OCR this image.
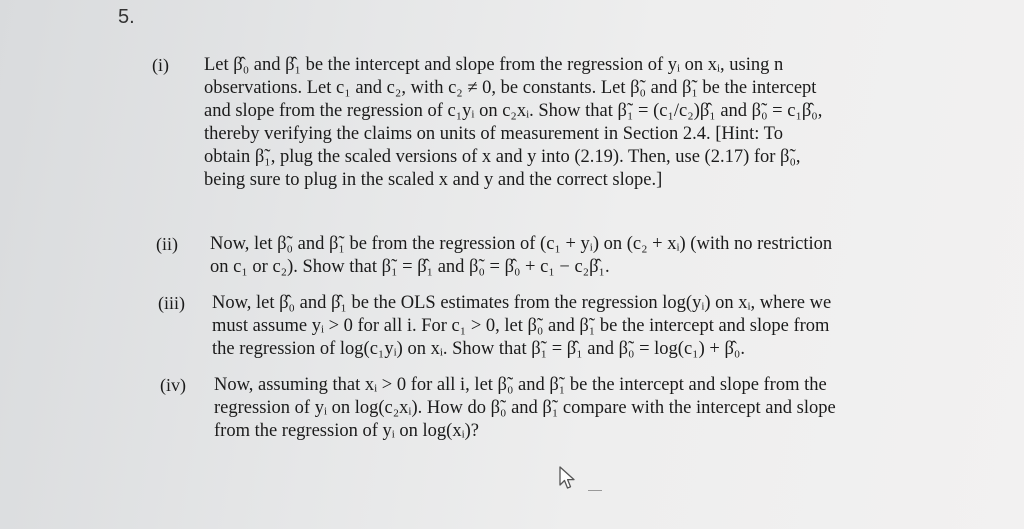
5.
(i) Let β̂₀ and β̂₁ be the intercept and slope from the regression of yᵢ on xᵢ, using n
observations. Let c₁ and c₂, with c₂ ≠ 0, be constants. Let β̃₀ and β̃₁ be the intercept
and slope from the regression of c₁yᵢ on c₂xᵢ. Show that β̃₁ = (c₁/c₂)β̂₁ and β̃₀ = c₁β̂₀,
thereby verifying the claims on units of measurement in Section 2.4. [Hint: To
obtain β̃₁, plug the scaled versions of x and y into (2.19). Then, use (2.17) for β̃₀,
being sure to plug in the scaled x and y and the correct slope.]
(ii) Now, let β̃₀ and β̃₁ be from the regression of (c₁ + yᵢ) on (c₂ + xᵢ) (with no restriction
on c₁ or c₂). Show that β̃₁ = β̂₁ and β̃₀ = β̂₀ + c₁ − c₂β̂₁.
(iii) Now, let β̂₀ and β̂₁ be the OLS estimates from the regression log(yᵢ) on xᵢ, where we
must assume yᵢ > 0 for all i. For c₁ > 0, let β̃₀ and β̃₁ be the intercept and slope from
the regression of log(c₁yᵢ) on xᵢ. Show that β̃₁ = β̂₁ and β̃₀ = log(c₁) + β̂₀.
(iv) Now, assuming that xᵢ > 0 for all i, let β̃₀ and β̃₁ be the intercept and slope from the
regression of yᵢ on log(c₂xᵢ). How do β̃₀ and β̃₁ compare with the intercept and slope
from the regression of yᵢ on log(xᵢ)?
